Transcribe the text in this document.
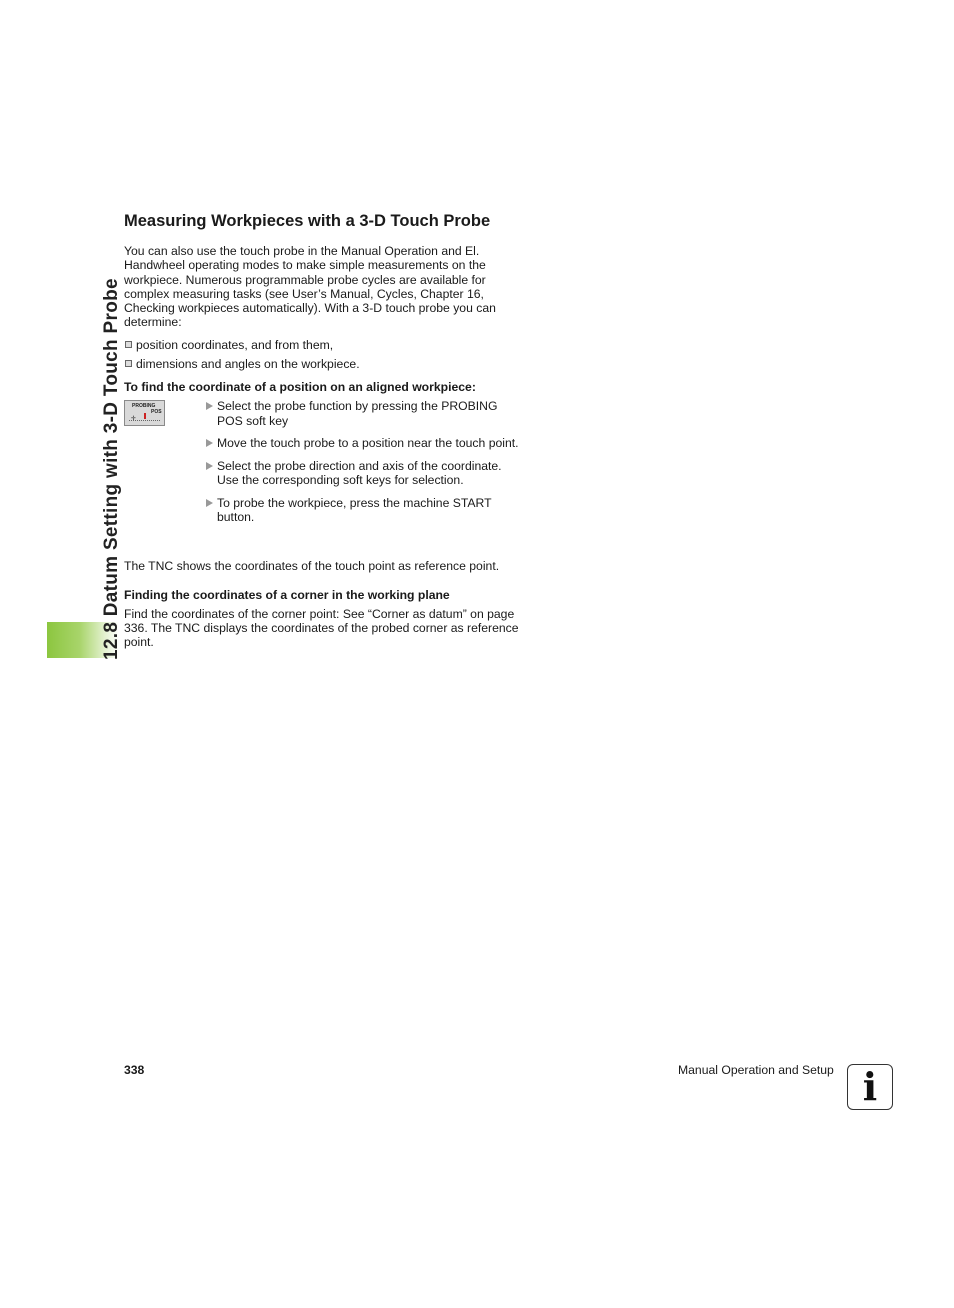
12.8 Datum Setting with 3-D Touch Probe
Measuring Workpieces with a 3-D Touch Probe

You can also use the touch probe in the Manual Operation and El. Handwheel operating modes to make simple measurements on the workpiece. Numerous programmable probe cycles are available for complex measuring tasks (see User’s Manual, Cycles, Chapter 16, Checking workpieces automatically). With a 3-D touch probe you can determine:

position coordinates, and from them,
dimensions and angles on the workpiece.
To find the coordinate of a position on an aligned workpiece:
PROBING
POS
✛
Select the probe function by pressing the PROBING POS soft key
Move the touch probe to a position near the touch point.
Select the probe direction and axis of the coordinate. Use the corresponding soft keys for selection.
To probe the workpiece, press the machine START button.

The TNC shows the coordinates of the touch point as reference point.

Finding the coordinates of a corner in the working plane

Find the coordinates of the corner point: See “Corner as datum” on page 336. The TNC displays the coordinates of the probed corner as reference point.

338	Manual Operation and Setup i
